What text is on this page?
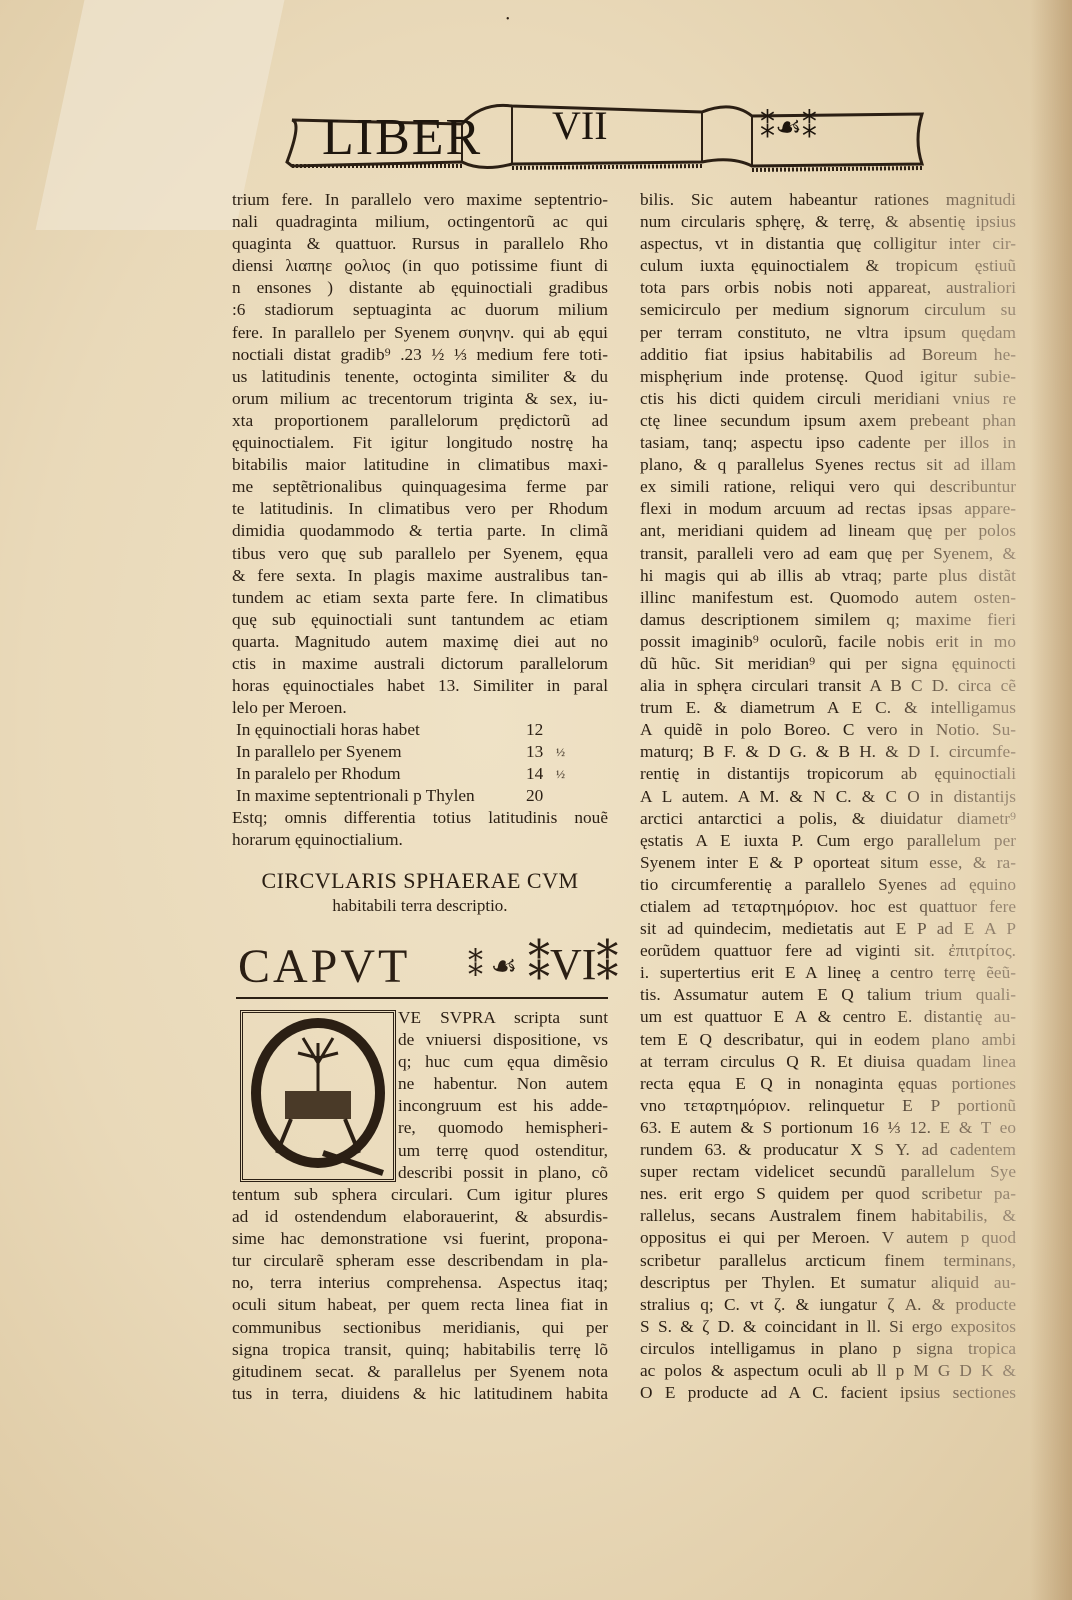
•
LIBER VII	⁑☙⁑
trium fere. In parallelo vero maxime septentrio-
nali quadraginta milium, octingentorũ ac qui
quaginta & quattuor. Rursus in parallelo Rho
diensi λιαπηε ϱολιος (in quo potissime fiunt di
n ensones ) distante ab ęquinoctiali gradibus
:6 stadiorum septuaginta ac duorum milium
fere. In parallelo per Syenem συηνην. qui ab ęqui
noctiali distat gradib⁹ .23 ½ ⅓ medium fere toti-
us latitudinis tenente, octoginta similiter & du
orum milium ac trecentorum triginta & sex, iu-
xta proportionem parallelorum prędictorũ ad
ęquinoctialem. Fit igitur longitudo nostrę ha
bitabilis maior latitudine in climatibus maxi-
me septẽtrionalibus quinquagesima ferme par
te latitudinis. In climatibus vero per Rhodum
dimidia quodammodo & tertia parte. In climã
tibus vero quę sub parallelo per Syenem, ęqua
& fere sexta. In plagis maxime australibus tan-
tundem ac etiam sexta parte fere. In climatibus
quę sub ęquinoctiali sunt tantundem ac etiam
quarta. Magnitudo autem maximę diei aut no
ctis in maxime australi dictorum parallelorum
horas ęquinoctiales habet 13. Similiter in paral
lelo per Meroen.
In ęquinoctiali horas habet	12
In parallelo per Syenem	13	½
In paralelo per Rhodum	14	½
In maxime septentrionali p Thylen	20
Estq; omnis differentia totius latitudinis nouẽ
horarum ęquinoctialium.
CIRCVLARIS SPHAERAE CVM
habitabili terra descriptio.
CAPVT ⁑ ☙ ⁑VI⁑
VE SVPRA scripta sunt
de vniuersi dispositione, vs
q; huc cum ęqua dimẽsio
ne habentur. Non autem
incongruum est his adde-
re, quomodo hemispheri-
um terrę quod ostenditur,
describi possit in plano, cõ
tentum sub sphera circulari. Cum igitur plures
ad id ostendendum elaborauerint, & absurdis-
sime hac demonstratione vsi fuerint, propona-
tur circularẽ spheram esse describendam in pla-
no, terra interius comprehensa. Aspectus itaq;
oculi situm habeat, per quem recta linea fiat in
communibus sectionibus meridianis, qui per
signa tropica transit, quinq; habitabilis terrę lõ
gitudinem secat. & parallelus per Syenem nota
tus in terra, diuidens & hic latitudinem habita
bilis. Sic autem habeantur rationes magnitudi
num circularis sphęrę, & terrę, & absentię ipsius
aspectus, vt in distantia quę colligitur inter cir-
culum iuxta ęquinoctialem & tropicum ęstiuũ
tota pars orbis nobis noti appareat, australiori
semicirculo per medium signorum circulum su
per terram constituto, ne vltra ipsum quędam
additio fiat ipsius habitabilis ad Boreum he-
misphęrium inde protensę. Quod igitur subie-
ctis his dicti quidem circuli meridiani vnius re
ctę linee secundum ipsum axem prebeant phan
tasiam, tanq; aspectu ipso cadente per illos in
plano, & q parallelus Syenes rectus sit ad illam
ex simili ratione, reliqui vero qui describuntur
flexi in modum arcuum ad rectas ipsas appare-
ant, meridiani quidem ad lineam quę per polos
transit, paralleli vero ad eam quę per Syenem, &
hi magis qui ab illis ab vtraq; parte plus distãt
illinc manifestum est. Quomodo autem osten-
damus descriptionem similem q; maxime fieri
possit imaginib⁹ oculorũ, facile nobis erit in mo
dũ hũc. Sit meridian⁹ qui per signa ęquinocti
alia in sphęra circulari transit A B C D. circa cẽ
trum E. & diametrum A E C. & intelligamus
A quidẽ in polo Boreo. C vero in Notio. Su-
maturq; B F. & D G. & B H. & D I. circumfe-
rentię in distantijs tropicorum ab ęquinoctiali
A L autem. A M. & N C. & C O in distantijs
arctici antarctici a polis, & diuidatur diametr⁹
ęstatis A E iuxta P. Cum ergo parallelum per
Syenem inter E & P oporteat situm esse, & ra-
tio circumferentię a parallelo Syenes ad ęquino
ctialem ad τεταρτημόριον. hoc est quattuor fere
sit ad quindecim, medietatis aut E P ad E A P
eorũdem quattuor fere ad viginti sit. ἐπιτρίτος.
i. supertertius erit E A lineę a centro terrę ẽeũ-
tis. Assumatur autem E Q talium trium quali-
um est quattuor E A & centro E. distantię au-
tem E Q describatur, qui in eodem plano ambi
at terram circulus Q R. Et diuisa quadam linea
recta ęqua E Q in nonaginta ęquas portiones
vno τεταρτημόριον. relinquetur E P portionũ
63. E autem & S portionum 16 ⅓ 12. E & T eo
rundem 63. & producatur X S Y. ad cadentem
super rectam videlicet secundũ parallelum Sye
nes. erit ergo S quidem per quod scribetur pa-
rallelus, secans Australem finem habitabilis, &
oppositus ei qui per Meroen. V autem p quod
scribetur parallelus arcticum finem terminans,
descriptus per Thylen. Et sumatur aliquid au-
stralius q; C. vt ζ. & iungatur ζ A. & producte
S S. & ζ D. & coincidant in ll. Si ergo expositos
circulos intelligamus in plano p signa tropica
ac polos & aspectum oculi ab ll p M G D K &
O E producte ad A C. facient ipsius sectiones
